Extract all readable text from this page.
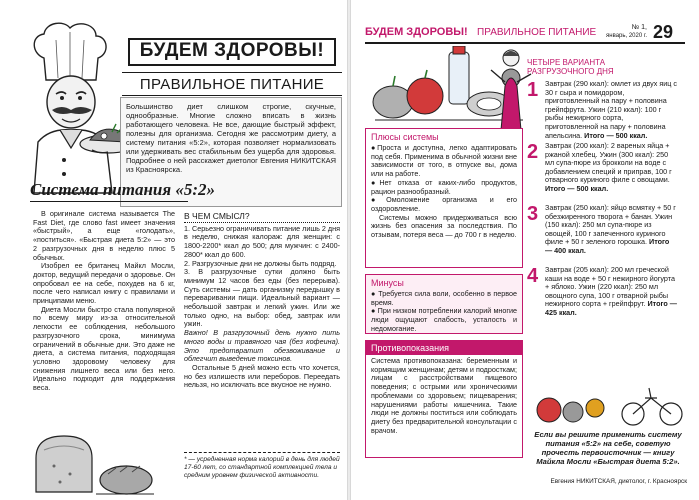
БУДЕМ ЗДОРОВЫ!
ПРАВИЛЬНОЕ ПИТАНИЕ
Большинство диет слишком строгие, скучные, однообразные. Многие сложно вписать в жизнь работающего человека. Не все, дающие быстрый эффект, полезны для организма. Сегодня же рассмотрим диету, а систему питания «5:2», которая позволяет нормализовать или удерживать вес стабильным без ущерба для здоровья. Подробнее о ней расскажет диетолог Евгения НИКИТСКАЯ из Красноярска.
Система питания «5:2»

В оригинале система называется The Fast Diet, где слово fast имеет значения «быстрый», а еще «голодать», «поститься». «Быстрая диета 5:2» — это 2 разгрузочных дня в неделю плюс 5 обычных.

Изобрел ее британец Майкл Мосли, доктор, ведущий передачи о здоровье. Он опробовал ее на себе, похудев на 6 кг, после чего написал книгу с правилами и принципами меню.

Диета Мосли быстро стала популярной по всему миру из-за относительной легкости ее соблюдения, небольшого разгрузочного срока, минимума ограничений в обычные дни. Это даже не диета, а система питания, подходящая условно здоровому человеку для снижения лишнего веса или без него. Идеально подходит для поддержания веса.

В ЧЕМ СМЫСЛ?
1. Серьезно ограничивать питание лишь 2 дня в неделю, снижая калораж: для женщин: с 1800-2200* ккал до 500; для мужчин: с 2400-2800* ккал до 600.
2. Разгрузочные дни не должны быть подряд.
3. В разгрузочные сутки должно быть минимум 12 часов без еды (без перерыва). Суть системы — дать организму передышку в переваривании пищи. Идеальный вариант — небольшой завтрак и легкий ужин. Или же только одно, на выбор: обед, завтрак или ужин.
Важно! В разгрузочный день нужно пить много воды и травяного чая (без кофеина). Это предотвратит обезвоживание и облегчит выведение токсинов.

Остальные 5 дней можно есть что хочется, но без излишеств или переборов. Переедать нельзя, но исключать все вкусное не нужно.

* — усредненная норма калорий в день для людей 17-60 лет, со стандартной комплекцией тела и средним уровнем физической активности.
БУДЕМ ЗДОРОВЫ! ПРАВИЛЬНОЕ ПИТАНИЕ	№ 1,
январь, 2020 г. 29
Плюсы системы
●Проста и доступна, легко адаптировать под себя. Применима в обычной жизни вне зависимости от того, в отпуске вы, дома или на работе.
●Нет отказа от каких-либо продуктов, рацион разнообразный.
●Омоложение организма и его оздоровление.
Системы можно придерживаться всю жизнь без опасения за последствия. По отзывам, потеря веса — до 700 г в неделю.
Минусы
● Требуется сила воли, особенно в первое время.
● При низком потреблении калорий многие люди ощущают слабость, усталость и недомогание.
Противопоказания
Система противопоказана: беременным и кормящим женщинам; детям и подросткам; лицам с расстройствами пищевого поведения; с острыми или хроническими проблемами со здоровьем; пищеварения; нарушениями работы кишечника. Такие люди не должны поститься или соблюдать диету без предварительной консультации с врачом.
ЧЕТЫРЕ ВАРИАНТА
РАЗГРУЗОЧНОГО ДНЯ
1 Завтрак (290 ккал): омлет из двух яиц с 30 г сыра и помидором, приготовленный на пару + половина грейпфрута. Ужин (210 ккал): 100 г рыбы нежирного сорта, приготовленной на пару + половина апельсина. Итого — 500 ккал.
2 Завтрак (200 ккал): 2 вареных яйца + ржаной хлебец. Ужин (300 ккал): 250 мл супа-пюре из брокколи на воде с добавлением специй и приправ, 100 г отварного куриного филе с овощами. Итого — 500 ккал.
3 Завтрак (250 ккал): яйцо всмятку + 50 г обезжиренного творога + банан. Ужин (150 ккал): 250 мл супа-пюре из овощей, 100 г запеченного куриного филе + 50 г зеленого горошка. Итого — 400 ккал.
4 Завтрак (205 ккал): 200 мл греческой каши на воде + 50 г нежирного йогурта + яблоко. Ужин (220 ккал): 250 мл овощного супа, 100 г отварной рыбы нежирного сорта + грейпфрут. Итого — 425 ккал.
Если вы решите применить систему питания «5:2» на себе, советую прочесть первоисточник — книгу Майкла Мосли «Быстрая диета 5:2».
Евгения НИКИТСКАЯ, диетолог, г. Красноярск
